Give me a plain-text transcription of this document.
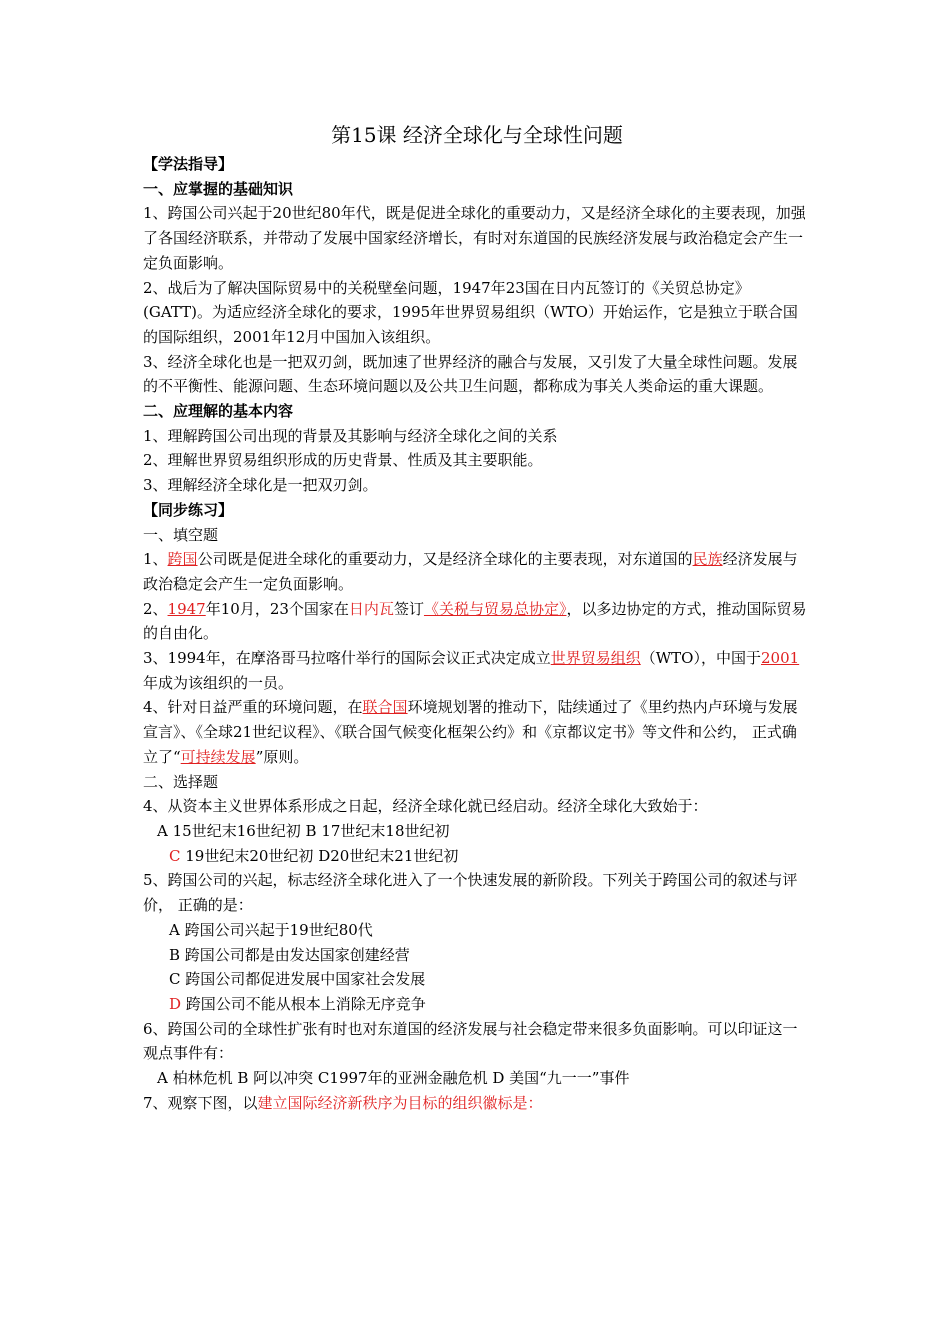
第15课 经济全球化与全球性问题

【学法指导】

一、应掌握的基础知识

1、跨国公司兴起于20世纪80年代，既是促进全球化的重要动力，又是经济全球化的主要表现，加强了各国经济联系，并带动了发展中国家经济增长，有时对东道国的民族经济发展与政治稳定会产生一定负面影响。

2、战后为了解决国际贸易中的关税壁垒问题，1947年23国在日内瓦签订的《关贸总协定》(GATT)。为适应经济全球化的要求，1995年世界贸易组织（WTO）开始运作，它是独立于联合国的国际组织，2001年12月中国加入该组织。

3、经济全球化也是一把双刃剑，既加速了世界经济的融合与发展，又引发了大量全球性问题。发展的不平衡性、能源问题、生态环境问题以及公共卫生问题，都称成为事关人类命运的重大课题。

二、应理解的基本内容

1、理解跨国公司出现的背景及其影响与经济全球化之间的关系

2、理解世界贸易组织形成的历史背景、性质及其主要职能。

3、理解经济全球化是一把双刃剑。

【同步练习】

一、填空题

1、跨国公司既是促进全球化的重要动力，又是经济全球化的主要表现，对东道国的民族经济发展与政治稳定会产生一定负面影响。

2、1947年10月，23个国家在日内瓦签订《关税与贸易总协定》，以多边协定的方式，推动国际贸易的自由化。

3、1994年，在摩洛哥马拉喀什举行的国际会议正式决定成立世界贸易组织（WTO），中国于2001年成为该组织的一员。

4、针对日益严重的环境问题，在联合国环境规划署的推动下，陆续通过了《里约热内卢环境与发展宣言》、《全球21世纪议程》、《联合国气候变化框架公约》和《京都议定书》等文件和公约， 正式确立了“可持续发展”原则。

二、选择题

4、从资本主义世界体系形成之日起，经济全球化就已经启动。经济全球化大致始于：

A 15世纪末16世纪初 B 17世纪末18世纪初

C 19世纪末20世纪初 D20世纪末21世纪初

5、跨国公司的兴起，标志经济全球化进入了一个快速发展的新阶段。下列关于跨国公司的叙述与评价， 正确的是：

A 跨国公司兴起于19世纪80代

B 跨国公司都是由发达国家创建经营

C 跨国公司都促进发展中国家社会发展

D 跨国公司不能从根本上消除无序竞争

6、跨国公司的全球性扩张有时也对东道国的经济发展与社会稳定带来很多负面影响。可以印证这一观点事件有：

A 柏林危机 B 阿以冲突 C1997年的亚洲金融危机 D 美国“九一一”事件

7、观察下图，以建立国际经济新秩序为目标的组织徽标是：
